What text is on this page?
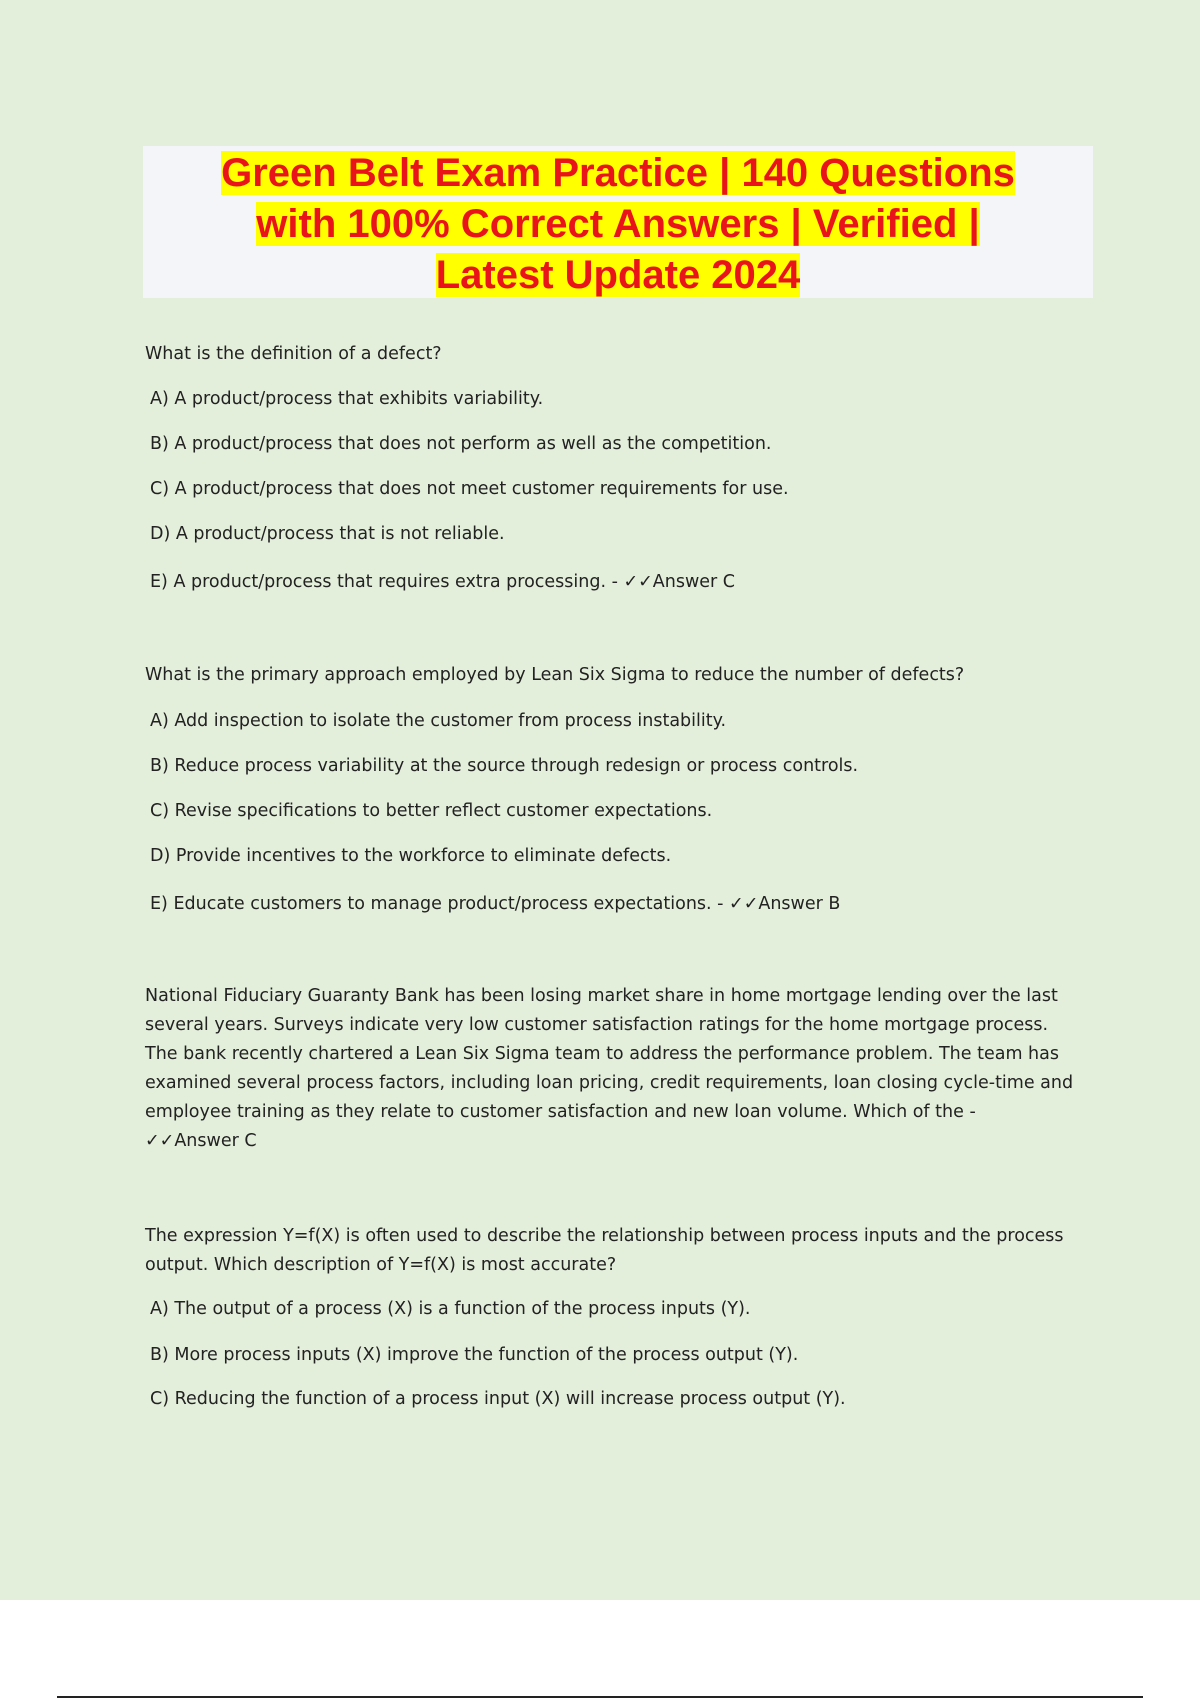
Green Belt Exam Practice | 140 Questions
with 100% Correct Answers | Verified |
Latest Update 2024

What is the definition of a defect?

A) A product/process that exhibits variability.

B) A product/process that does not perform as well as the competition.

C) A product/process that does not meet customer requirements for use.

D) A product/process that is not reliable.

E) A product/process that requires extra processing. - ✓✓Answer C

What is the primary approach employed by Lean Six Sigma to reduce the number of defects?

A) Add inspection to isolate the customer from process instability.

B) Reduce process variability at the source through redesign or process controls.

C) Revise specifications to better reflect customer expectations.

D) Provide incentives to the workforce to eliminate defects.

E) Educate customers to manage product/process expectations. - ✓✓Answer B

National Fiduciary Guaranty Bank has been losing market share in home mortgage lending over the last

several years. Surveys indicate very low customer satisfaction ratings for the home mortgage process.

The bank recently chartered a Lean Six Sigma team to address the performance problem. The team has

examined several process factors, including loan pricing, credit requirements, loan closing cycle-time and

employee training as they relate to customer satisfaction and new loan volume. Which of the -

✓✓Answer C

The expression Y=f(X) is often used to describe the relationship between process inputs and the process

output. Which description of Y=f(X) is most accurate?

A) The output of a process (X) is a function of the process inputs (Y).

B) More process inputs (X) improve the function of the process output (Y).

C) Reducing the function of a process input (X) will increase process output (Y).
